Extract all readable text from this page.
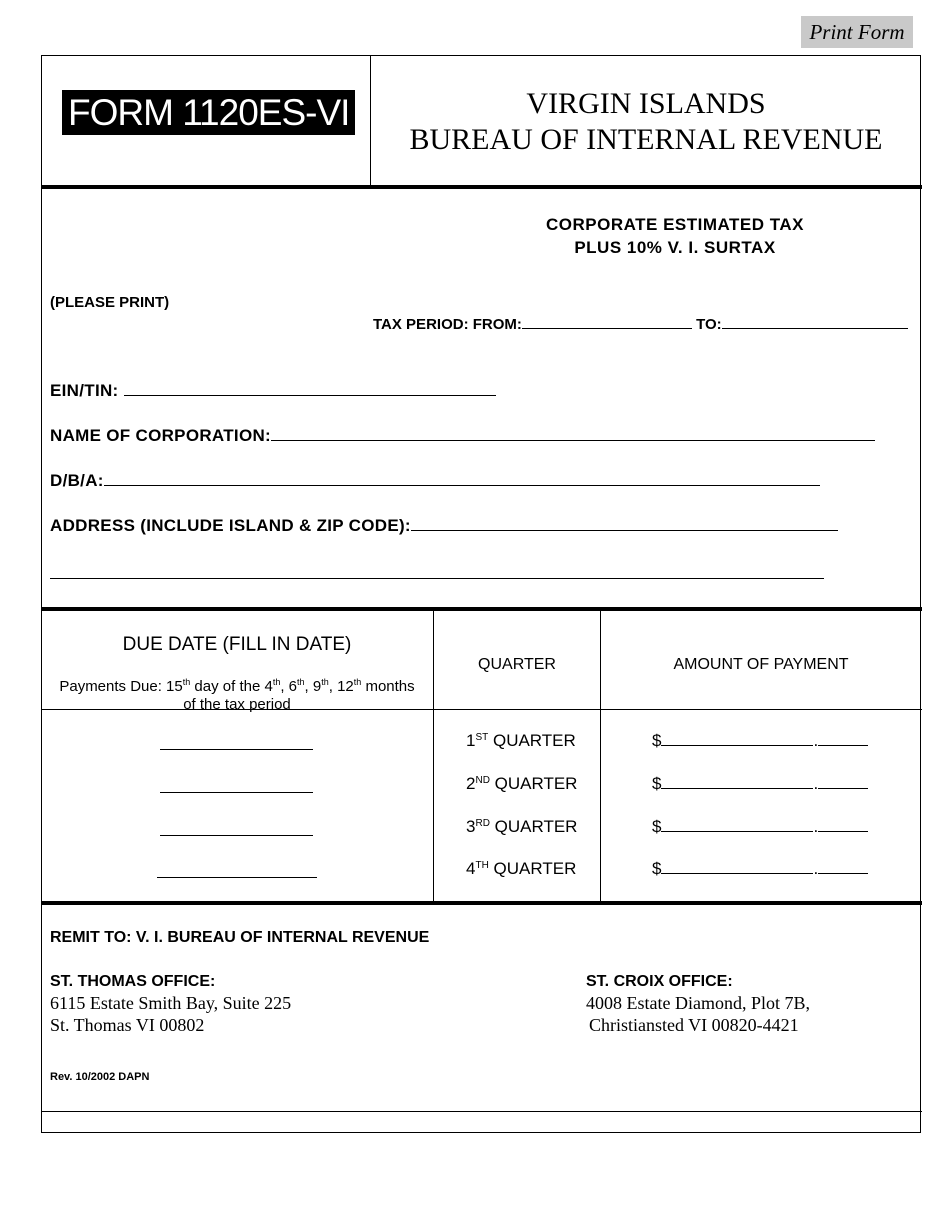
Print Form
FORM 1120ES-VI	VIRGIN ISLANDS
BUREAU OF INTERNAL REVENUE
CORPORATE ESTIMATED TAX
PLUS 10% V. I. SURTAX
(PLEASE PRINT)
TAX PERIOD: FROM:	TO:
EIN/TIN:
NAME OF CORPORATION:
D/B/A:
ADDRESS (INCLUDE ISLAND & ZIP CODE):
DUE DATE (FILL IN DATE)
Payments Due: 15th day of the 4th, 6th, 9th, 12th months
of the tax period
QUARTER	AMOUNT OF PAYMENT
1ST QUARTER	$	.
2ND QUARTER	$	.
3RD QUARTER	$	.
4TH QUARTER	$	.
REMIT TO: V. I. BUREAU OF INTERNAL REVENUE
ST. THOMAS OFFICE:
6115 Estate Smith Bay, Suite 225
St. Thomas VI 00802
ST. CROIX OFFICE:
4008 Estate Diamond, Plot 7B,
Christiansted VI 00820-4421
Rev. 10/2002 DAPN
